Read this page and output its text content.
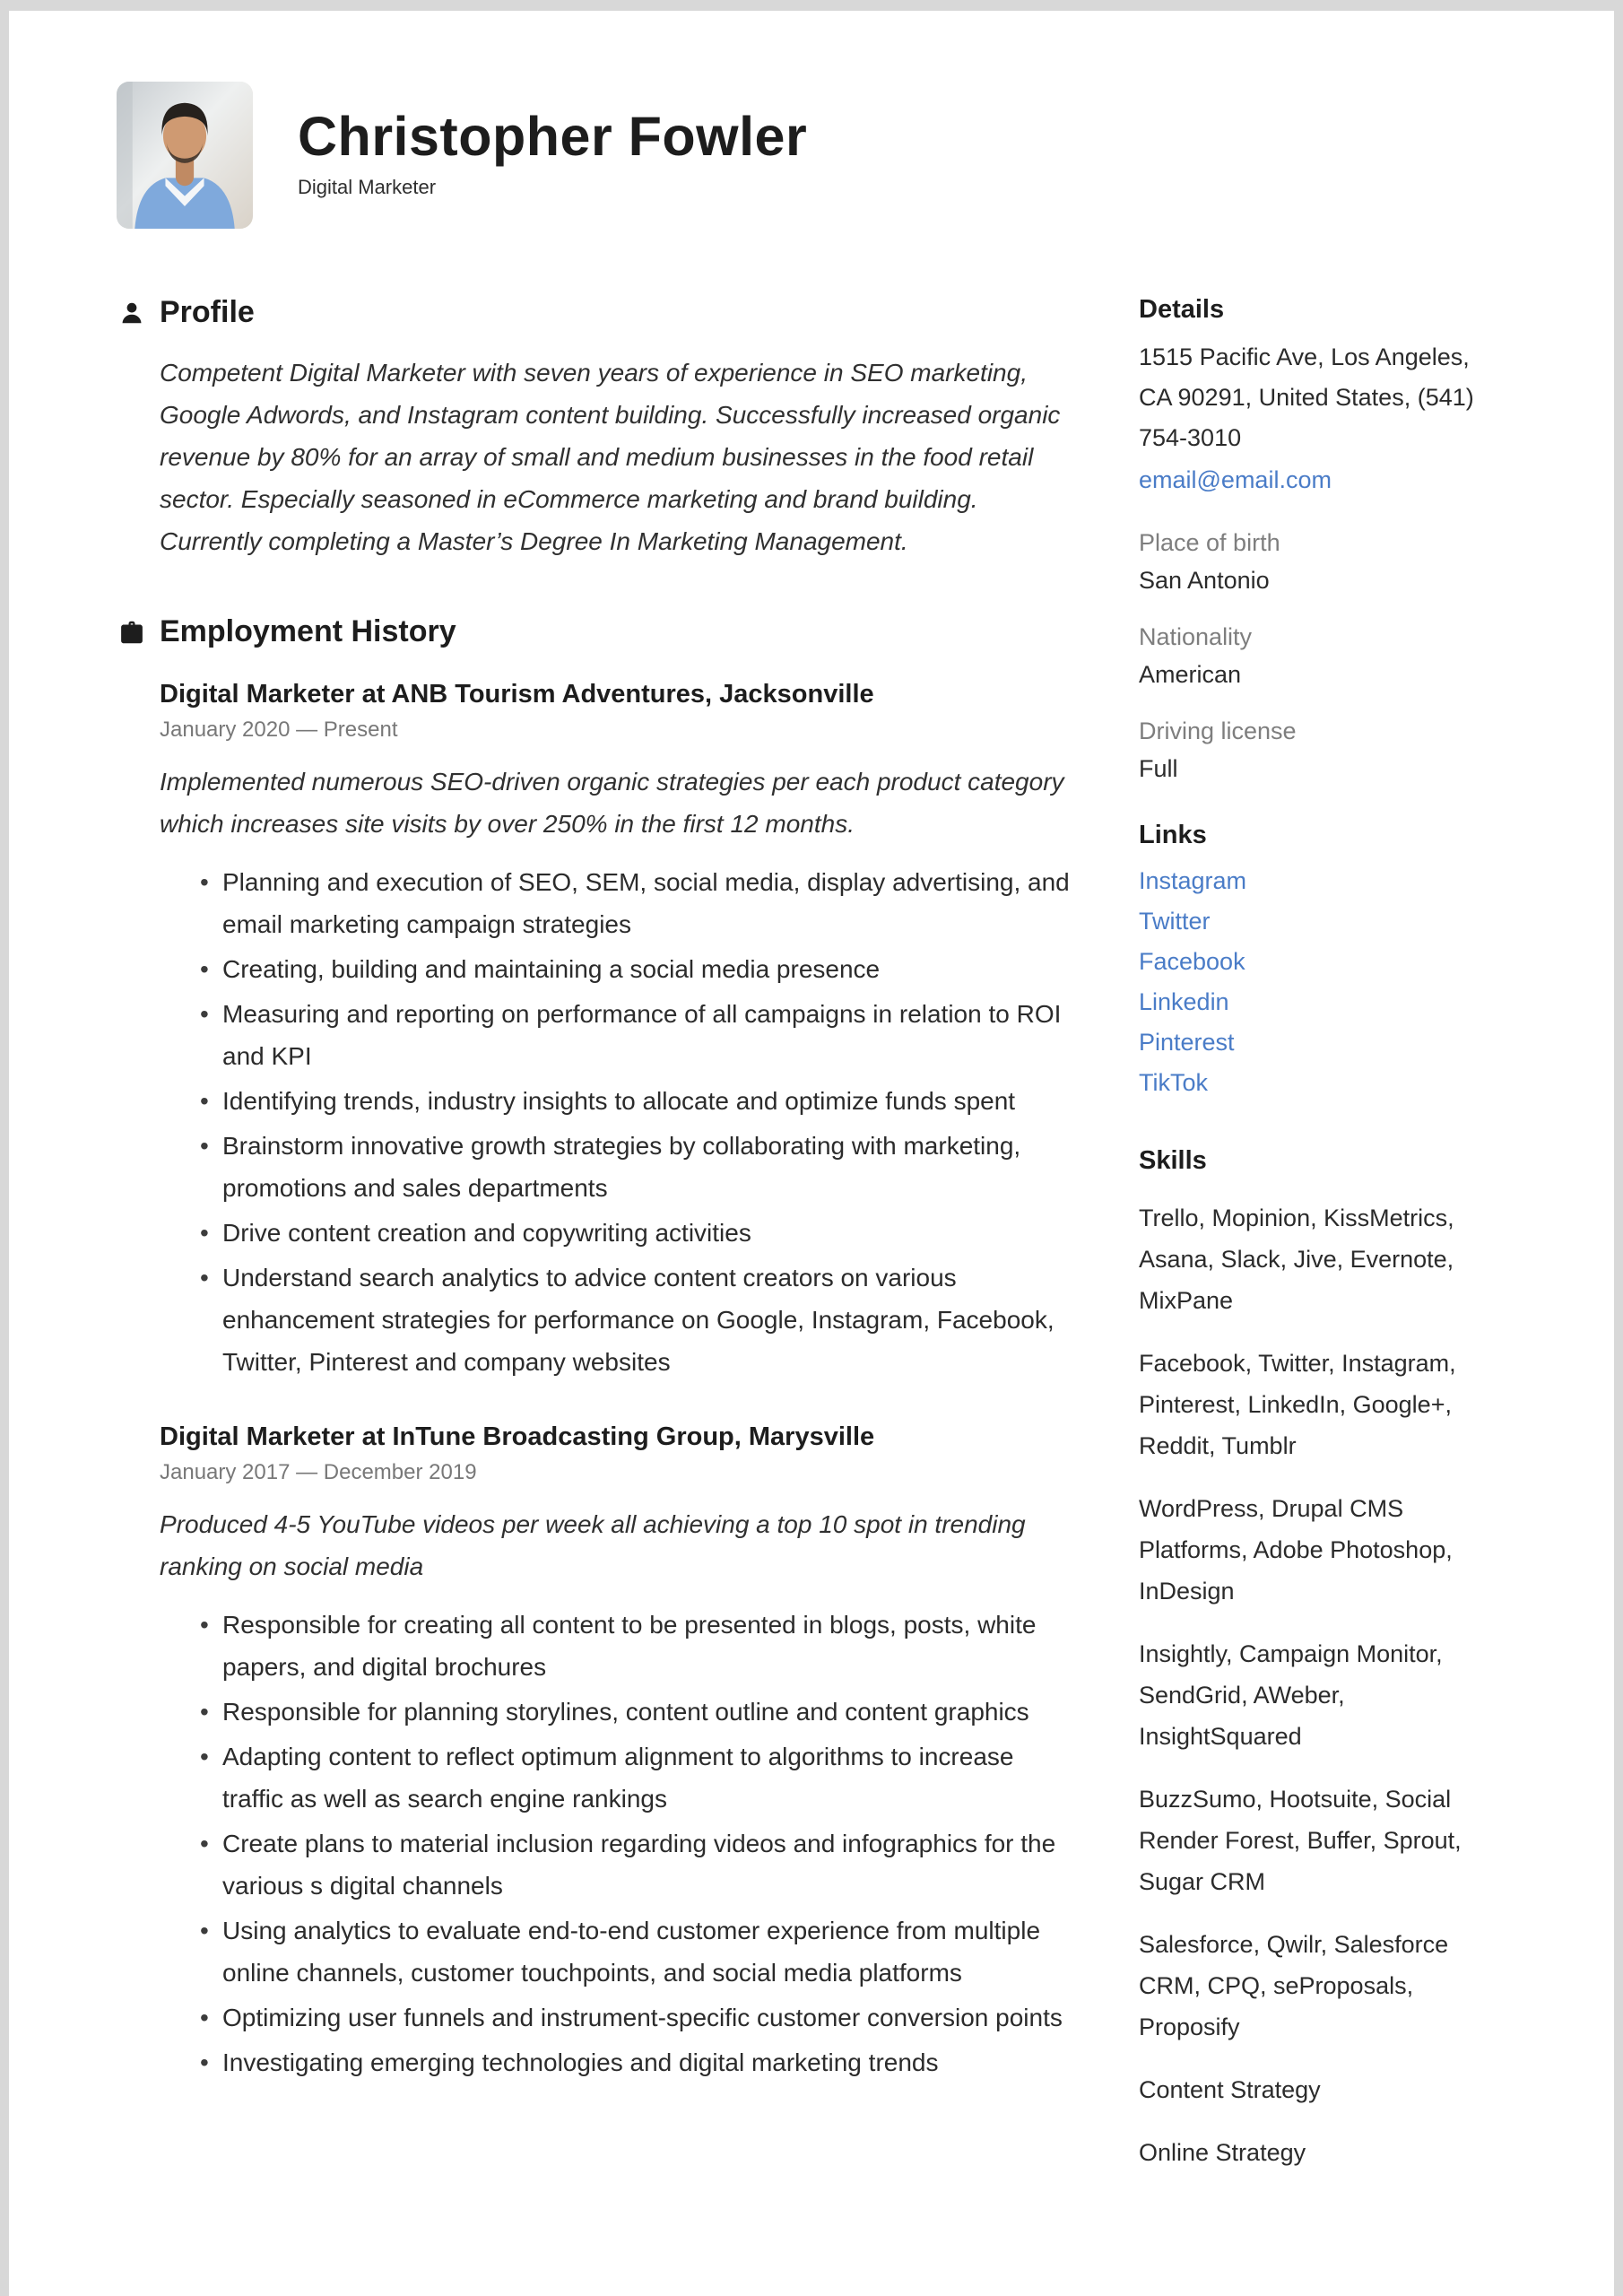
Christopher Fowler
Digital Marketer
Profile

Competent Digital Marketer with seven years of experience in SEO marketing, Google Adwords, and Instagram content building. Successfully increased organic revenue by 80% for an array of small and medium businesses in the food retail sector. Especially seasoned in eCommerce marketing and brand building. Currently completing a Master’s Degree In Marketing Management.

Employment History
Digital Marketer at ANB Tourism Adventures, Jacksonville
January 2020 — Present

Implemented numerous SEO-driven organic strategies per each product category which increases site visits by over 250% in the first 12 months.

• Planning and execution of SEO, SEM, social media, display advertising, and email marketing campaign strategies
• Creating, building and maintaining a social media presence
• Measuring and reporting on performance of all campaigns in relation to ROI and KPI
• Identifying trends, industry insights to allocate and optimize funds spent
• Brainstorm innovative growth strategies by collaborating with marketing, promotions and sales departments
• Drive content creation and copywriting activities
• Understand search analytics to advice content creators on various enhancement strategies for performance on Google, Instagram, Facebook, Twitter, Pinterest and company websites
Digital Marketer at InTune Broadcasting Group, Marysville
January 2017 — December 2019

Produced 4-5 YouTube videos per week all achieving a top 10 spot in trending ranking on social media

• Responsible for creating all content to be presented in blogs, posts, white papers, and digital brochures
• Responsible for planning storylines, content outline and content graphics
• Adapting content to reflect optimum alignment to algorithms to increase traffic as well as search engine rankings
• Create plans to material inclusion regarding videos and infographics for the various s digital channels
• Using analytics to evaluate end-to-end customer experience from multiple online channels, customer touchpoints, and social media platforms
• Optimizing user funnels and instrument-specific customer conversion points
• Investigating emerging technologies and digital marketing trends
Details
1515 Pacific Ave, Los Angeles, CA 90291, United States, (541) 754-3010
email@email.com
Place of birth
San Antonio
Nationality
American
Driving license
Full
Links
Instagram
Twitter
Facebook
Linkedin
Pinterest
TikTok
Skills

Trello, Mopinion, KissMetrics, Asana, Slack, Jive, Evernote, MixPane

Facebook, Twitter, Instagram, Pinterest, LinkedIn, Google+, Reddit, Tumblr

WordPress, Drupal CMS Platforms, Adobe Photoshop, InDesign

Insightly, Campaign Monitor, SendGrid, AWeber, InsightSquared

BuzzSumo, Hootsuite, Social Render Forest, Buffer, Sprout, Sugar CRM

Salesforce, Qwilr, Salesforce CRM, CPQ, seProposals, Proposify

Content Strategy

Online Strategy
